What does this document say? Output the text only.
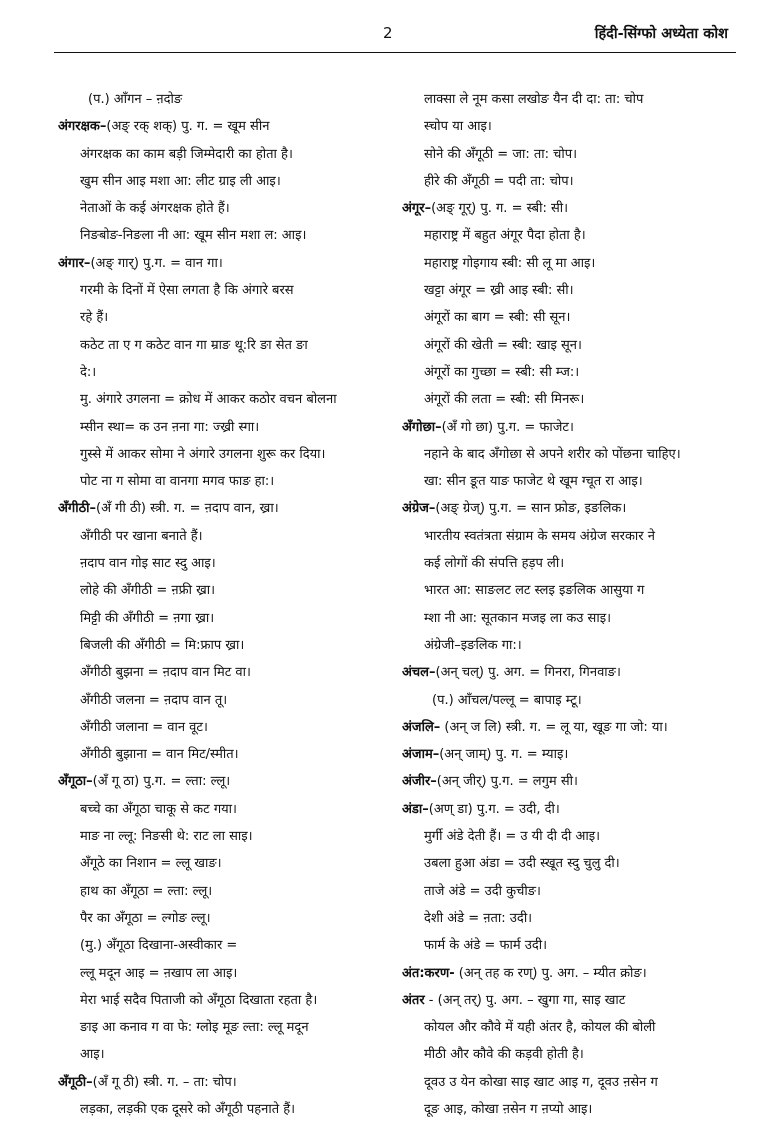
2	हिंदी-सिंग्फो अध्येता कोश
(प.) आँगन – ऩदोङ
अंगरक्षक–(अङ् रक् शक्) पु. ग. = खूम सीन
अंगरक्षक का काम बड़ी जिम्मेदारी का होता है।
खुम सीन आइ मशा आ: लीट ग्राइ ली आइ।
नेताओं के कई अंगरक्षक होते हैं।
निङबोङ-निङला नी आ: खूम सीन मशा ल: आइ।
अंगार–(अङ् गार्) पु.ग. = वान गा।
गरमी के दिनों में ऐसा लगता है कि अंगारे बरस
रहे हैं।
कठेट ता ए ग कठेट वान गा म्राङ थू:रि ङा सेत ङा
दे:।
मु. अंगारे उगलना = क्रोध में आकर कठोर वचन बोलना
म्सीन स्था= क उन ऩना गा: ज्ख्री स्गा।
गुस्से में आकर सोमा ने अंगारे उगलना शुरू कर दिया।
पोट ना ग सोमा वा वानगा मगव फाङ हा:।
अँगीठी–(अँ गी ठी) स्त्री. ग. = ऩदाप वान, ख्रा।
अँगीठी पर खाना बनाते हैं।
ऩदाप वान गोइ साट स्दु आइ।
लोहे की अँगीठी = ऩफ्री ख्रा।
मिट्टी की अँगीठी = ऩगा ख्रा।
बिजली की अँगीठी = मि:फ्राप ख्रा।
अँगीठी बुझना = ऩदाप वान मिट वा।
अँगीठी जलना = ऩदाप वान तू।
अँगीठी जलाना = वान वूट।
अँगीठी बुझाना = वान मिट/स्मीत।
अँगूठा–(अँ गू ठा) पु.ग. = ल्ता: ल्लू।
बच्चे का अँगूठा चाकू से कट गया।
माङ ना ल्लू: निङसी थे: राट ला साइ।
अँगूठे का निशान = ल्लू खाङ।
हाथ का अँगूठा = ल्ता: ल्लू।
पैर का अँगूठा = ल्गोङ ल्लू।
(मु.) अँगूठा दिखाना-अस्वीकार =
ल्लू मदून आइ = ऩखाप ला आइ।
मेरा भाई सदैव पिताजी को अँगूठा दिखाता रहता है।
ङाइ आ कनाव ग वा फे: ग्लोइ मूङ ल्ता: ल्लू मदून
आइ।
अँगूठी–(अँ गू ठी) स्त्री. ग. – ता: चोप।
लड़का, लड़की एक दूसरे को अँगूठी पहनाते हैं।
लाक्सा ले नूम कसा लखोङ यैन दी दा: ता: चोप
स्चोप या आइ।
सोने की अँगूठी = जा: ता: चोप।
हीरे की अँगूठी = पदी ता: चोप।
अंगूर–(अङ् गूर्) पु. ग. = स्बी: सी।
महाराष्ट्र में बहुत अंगूर पैदा होता है।
महाराष्ट्र गोइगाय स्बी: सी लू मा आइ।
खट्टा अंगूर = ख्री आइ स्बी: सी।
अंगूरों का बाग = स्बी: सी सून।
अंगूरों की खेती = स्बी: खाइ सून।
अंगूरों का गुच्छा = स्बी: सी म्ज:।
अंगूरों की लता = स्बी: सी मिनरू।
अँगोछा–(अँ गो छा) पु.ग. = फाजेट।
नहाने के बाद अँगोछा से अपने शरीर को पोंछना चाहिए।
खा: सीन ङूत याङ फाजेट थे खूम ग्चूत रा आइ।
अंग्रेज–(अङ् ग्रेज्) पु.ग. = सान फ्रोङ, इङलिक।
भारतीय स्वतंत्रता संग्राम के समय अंग्रेज सरकार ने
कई लोगों की संपत्ति हड़प ली।
भारत आ: साङलट लट स्लइ इङलिक आसुया ग
म्शा नी आ: सूतकान मजइ ला कउ साइ।
अंग्रेजी–इङलिक गा:।
अंचल–(अन् चल्) पु. अग. = गिनरा, गिनवाङ।
(प.) आँचल/पल्लू = बापाइ म्टू।
अंजलि– (अन् ज लि) स्त्री. ग. = लू या, खूङ गा जो: या।
अंजाम–(अन् जाम्) पु. ग. = म्याइ।
अंजीर–(अन् जीर्) पु.ग. = लगुम सी।
अंडा–(अण् डा) पु.ग. = उदी, दी।
मुर्गी अंडे देती हैं। = उ यी दी दी आइ।
उबला हुआ अंडा = उदी स्खूत स्दु चुलु दी।
ताजे अंडे = उदी कुचीङ।
देशी अंडे = ऩता: उदी।
फार्म के अंडे = फार्म उदी।
अंत:करण- (अन् तह क रण्) पु. अग. – म्यीत क्रोङ।
अंतर - (अन् तर्) पु. अग. – खुगा गा, साइ खाट
कोयल और कौवे में यही अंतर है, कोयल की बोली
मीठी और कौवे की कड़वी होती है।
दूवउ उ येन कोखा साइ खाट आइ ग, दूवउ ऩसेन ग
दूङ आइ, कोखा ऩसेन ग ऩप्यो आइ।
